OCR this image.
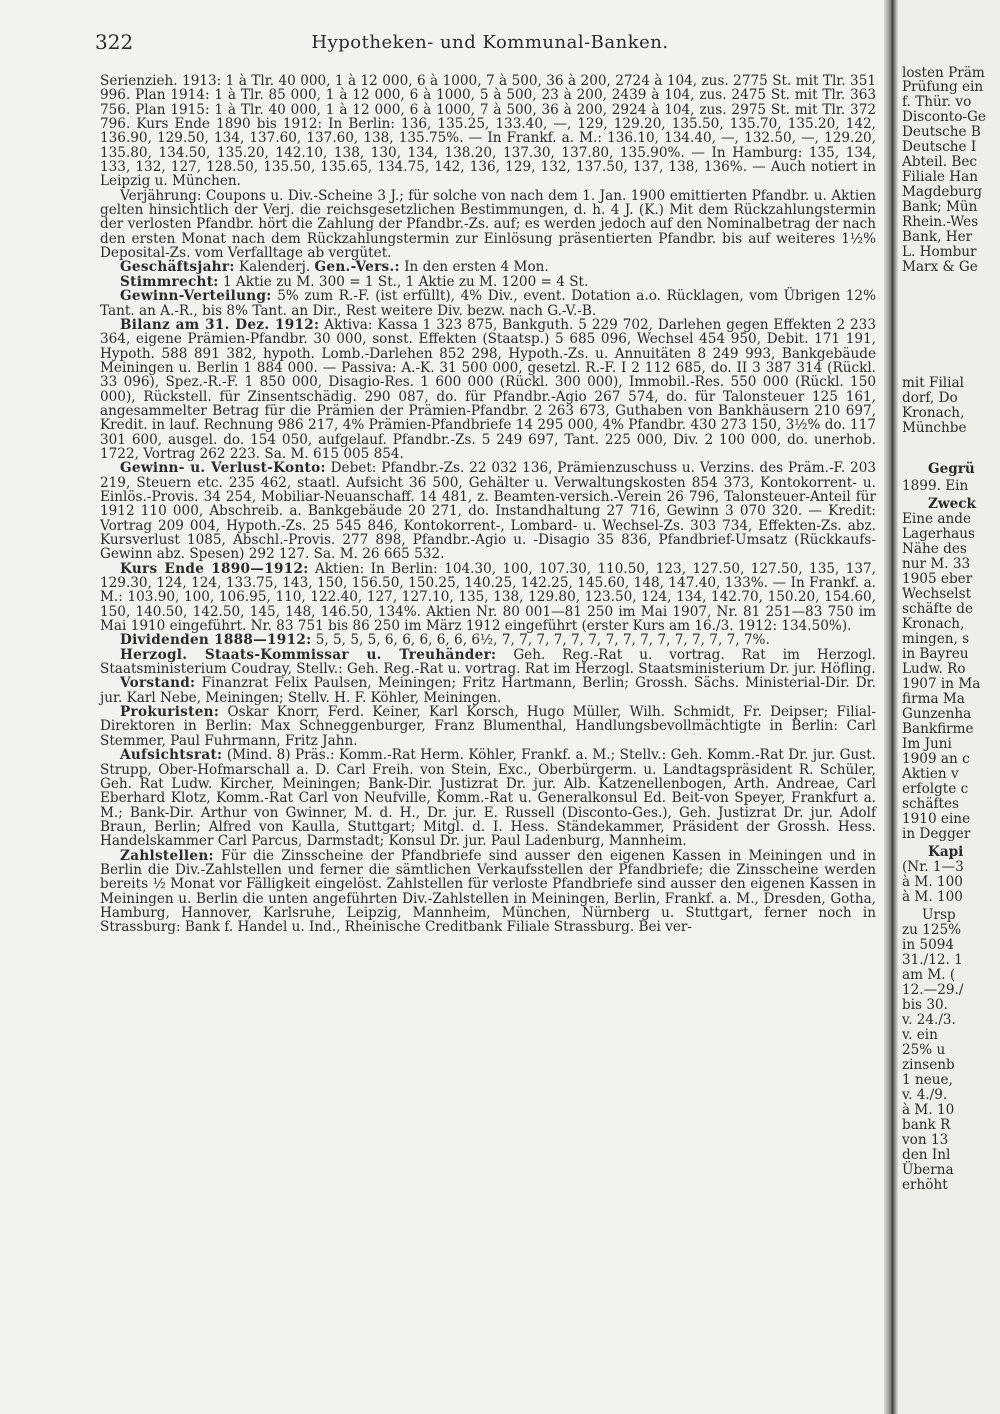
322	Hypotheken- und Kommunal-Banken.

Serienzieh. 1913: 1 à Tlr. 40 000, 1 à 12 000, 6 à 1000, 7 à 500, 36 à 200, 2724 à 104, zus. 2775 St. mit Tlr. 351 996. Plan 1914: 1 à Tlr. 85 000, 1 à 12 000, 6 à 1000, 5 à 500, 23 à 200, 2439 à 104, zus. 2475 St. mit Tlr. 363 756. Plan 1915: 1 à Tlr. 40 000, 1 à 12 000, 6 à 1000, 7 à 500, 36 à 200, 2924 à 104, zus. 2975 St. mit Tlr. 372 796. Kurs Ende 1890 bis 1912: In Berlin: 136, 135.25, 133.40, —, 129, 129.20, 135.50, 135.70, 135.20, 142, 136.90, 129.50, 134, 137.60, 137.60, 138, 135.75%. — In Frankf. a. M.: 136.10, 134.40, —, 132.50, —, 129.20, 135.80, 134.50, 135.20, 142.10, 138, 130, 134, 138.20, 137.30, 137.80, 135.90%. — In Hamburg: 135, 134, 133, 132, 127, 128.50, 135.50, 135.65, 134.75, 142, 136, 129, 132, 137.50, 137, 138, 136%. — Auch notiert in Leipzig u. München.

Verjährung: Coupons u. Div.-Scheine 3 J.; für solche von nach dem 1. Jan. 1900 emittierten Pfandbr. u. Aktien gelten hinsichtlich der Verj. die reichsgesetzlichen Bestimmungen, d. h. 4 J. (K.) Mit dem Rückzahlungstermin der verlosten Pfandbr. hört die Zahlung der Pfandbr.-Zs. auf; es werden jedoch auf den Nominalbetrag der nach den ersten Monat nach dem Rückzahlungstermin zur Einlösung präsentierten Pfandbr. bis auf weiteres 1½% Deposital-Zs. vom Verfalltage ab vergütet.

Geschäftsjahr: Kalenderj. Gen.-Vers.: In den ersten 4 Mon.

Stimmrecht: 1 Aktie zu M. 300 = 1 St., 1 Aktie zu M. 1200 = 4 St.

Gewinn-Verteilung: 5% zum R.-F. (ist erfüllt), 4% Div., event. Dotation a.o. Rücklagen, vom Übrigen 12% Tant. an A.-R., bis 8% Tant. an Dir., Rest weitere Div. bezw. nach G.-V.-B.

Bilanz am 31. Dez. 1912: Aktiva: Kassa 1 323 875, Bankguth. 5 229 702, Darlehen gegen Effekten 2 233 364, eigene Prämien-Pfandbr. 30 000, sonst. Effekten (Staatsp.) 5 685 096, Wechsel 454 950, Debit. 171 191, Hypoth. 588 891 382, hypoth. Lomb.-Darlehen 852 298, Hypoth.-Zs. u. Annuitäten 8 249 993, Bankgebäude Meiningen u. Berlin 1 884 000. — Passiva: A.-K. 31 500 000, gesetzl. R.-F. I 2 112 685, do. II 3 387 314 (Rückl. 33 096), Spez.-R.-F. 1 850 000, Disagio-Res. 1 600 000 (Rückl. 300 000), Immobil.-Res. 550 000 (Rückl. 150 000), Rückstell. für Zinsentschädig. 290 087, do. für Pfandbr.-Agio 267 574, do. für Talonsteuer 125 161, angesammelter Betrag für die Prämien der Prämien-Pfandbr. 2 263 673, Guthaben von Bankhäusern 210 697, Kredit. in lauf. Rechnung 986 217, 4% Prämien-Pfandbriefe 14 295 000, 4% Pfandbr. 430 273 150, 3½% do. 117 301 600, ausgel. do. 154 050, aufgelauf. Pfandbr.-Zs. 5 249 697, Tant. 225 000, Div. 2 100 000, do. unerhob. 1722, Vortrag 262 223. Sa. M. 615 005 854.

Gewinn- u. Verlust-Konto: Debet: Pfandbr.-Zs. 22 032 136, Prämienzuschuss u. Verzins. des Präm.-F. 203 219, Steuern etc. 235 462, staatl. Aufsicht 36 500, Gehälter u. Verwaltungskosten 854 373, Kontokorrent- u. Einlös.-Provis. 34 254, Mobiliar-Neuanschaff. 14 481, z. Beamten-versich.-Verein 26 796, Talonsteuer-Anteil für 1912 110 000, Abschreib. a. Bankgebäude 20 271, do. Instandhaltung 27 716, Gewinn 3 070 320. — Kredit: Vortrag 209 004, Hypoth.-Zs. 25 545 846, Kontokorrent-, Lombard- u. Wechsel-Zs. 303 734, Effekten-Zs. abz. Kursverlust 1085, Abschl.-Provis. 277 898, Pfandbr.-Agio u. -Disagio 35 836, Pfandbrief-Umsatz (Rückkaufs-Gewinn abz. Spesen) 292 127. Sa. M. 26 665 532.

Kurs Ende 1890—1912: Aktien: In Berlin: 104.30, 100, 107.30, 110.50, 123, 127.50, 127.50, 135, 137, 129.30, 124, 124, 133.75, 143, 150, 156.50, 150.25, 140.25, 142.25, 145.60, 148, 147.40, 133%. — In Frankf. a. M.: 103.90, 100, 106.95, 110, 122.40, 127, 127.10, 135, 138, 129.80, 123.50, 124, 134, 142.70, 150.20, 154.60, 150, 140.50, 142.50, 145, 148, 146.50, 134%. Aktien Nr. 80 001—81 250 im Mai 1907, Nr. 81 251—83 750 im Mai 1910 eingeführt. Nr. 83 751 bis 86 250 im März 1912 eingeführt (erster Kurs am 16./3. 1912: 134.50%).

Dividenden 1888—1912: 5, 5, 5, 5, 6, 6, 6, 6, 6, 6½, 7, 7, 7, 7, 7, 7, 7, 7, 7, 7, 7, 7, 7, 7, 7%.

Herzogl. Staats-Kommissar u. Treuhänder: Geh. Reg.-Rat u. vortrag. Rat im Herzogl. Staatsministerium Coudray, Stellv.: Geh. Reg.-Rat u. vortrag. Rat im Herzogl. Staatsministerium Dr. jur. Höfling.

Vorstand: Finanzrat Felix Paulsen, Meiningen; Fritz Hartmann, Berlin; Grossh. Sächs. Ministerial-Dir. Dr. jur. Karl Nebe, Meiningen; Stellv. H. F. Köhler, Meiningen.

Prokuristen: Oskar Knorr, Ferd. Keiner, Karl Korsch, Hugo Müller, Wilh. Schmidt, Fr. Deipser; Filial-Direktoren in Berlin: Max Schneggenburger, Franz Blumenthal, Handlungsbevollmächtigte in Berlin: Carl Stemmer, Paul Fuhrmann, Fritz Jahn.

Aufsichtsrat: (Mind. 8) Präs.: Komm.-Rat Herm. Köhler, Frankf. a. M.; Stellv.: Geh. Komm.-Rat Dr. jur. Gust. Strupp, Ober-Hofmarschall a. D. Carl Freih. von Stein, Exc., Oberbürgerm. u. Landtagspräsident R. Schüler, Geh. Rat Ludw. Kircher, Meiningen; Bank-Dir. Justizrat Dr. jur. Alb. Katzenellenbogen, Arth. Andreae, Carl Eberhard Klotz, Komm.-Rat Carl von Neufville, Komm.-Rat u. Generalkonsul Ed. Beit-von Speyer, Frankfurt a. M.; Bank-Dir. Arthur von Gwinner, M. d. H., Dr. jur. E. Russell (Disconto-Ges.), Geh. Justizrat Dr. jur. Adolf Braun, Berlin; Alfred von Kaulla, Stuttgart; Mitgl. d. I. Hess. Ständekammer, Präsident der Grossh. Hess. Handelskammer Carl Parcus, Darmstadt; Konsul Dr. jur. Paul Ladenburg, Mannheim.

Zahlstellen: Für die Zinsscheine der Pfandbriefe sind ausser den eigenen Kassen in Meiningen und in Berlin die Div.-Zahlstellen und ferner die sämtlichen Verkaufsstellen der Pfandbriefe; die Zinsscheine werden bereits ½ Monat vor Fälligkeit eingelöst. Zahlstellen für verloste Pfandbriefe sind ausser den eigenen Kassen in Meiningen u. Berlin die unten angeführten Div.-Zahlstellen in Meiningen, Berlin, Frankf. a. M., Dresden, Gotha, Hamburg, Hannover, Karlsruhe, Leipzig, Mannheim, München, Nürnberg u. Stuttgart, ferner noch in Strassburg: Bank f. Handel u. Ind., Rheinische Creditbank Filiale Strassburg. Bei ver-

losten Präm
Prüfung ein
f. Thür. vo
Disconto-Ge
Deutsche B
Deutsche I
Abteil. Bec
Filiale Han
Magdeburg
Bank; Mün
Rhein.-Wes
Bank, Her
L. Hombur
Marx & Ge
mit Filial
dorf, Do
Kronach,
Münchbe
Gegrü
1899. Ein
Zweck
Eine ande
Lagerhaus
Nähe des
nur M. 33
1905 eber
Wechselst
schäfte de
Kronach,
mingen, s
in Bayreu
Ludw. Ro
1907 in Ma
firma Ma
Gunzenha
Bankfirme
Im Juni
1909 an c
Aktien v
erfolgte c
schäftes
1910 eine
in Degger
Kapi
(Nr. 1—3
à M. 100
à M. 100
Ursp
zu 125%
in 5094
31./12. 1
am M. (
12.—29./
bis 30.
v. 24./3.
v. ein
25% u
zinsenb
1 neue,
v. 4./9.
à M. 10
bank R
von 13
den Inl
Überna
erhöht
